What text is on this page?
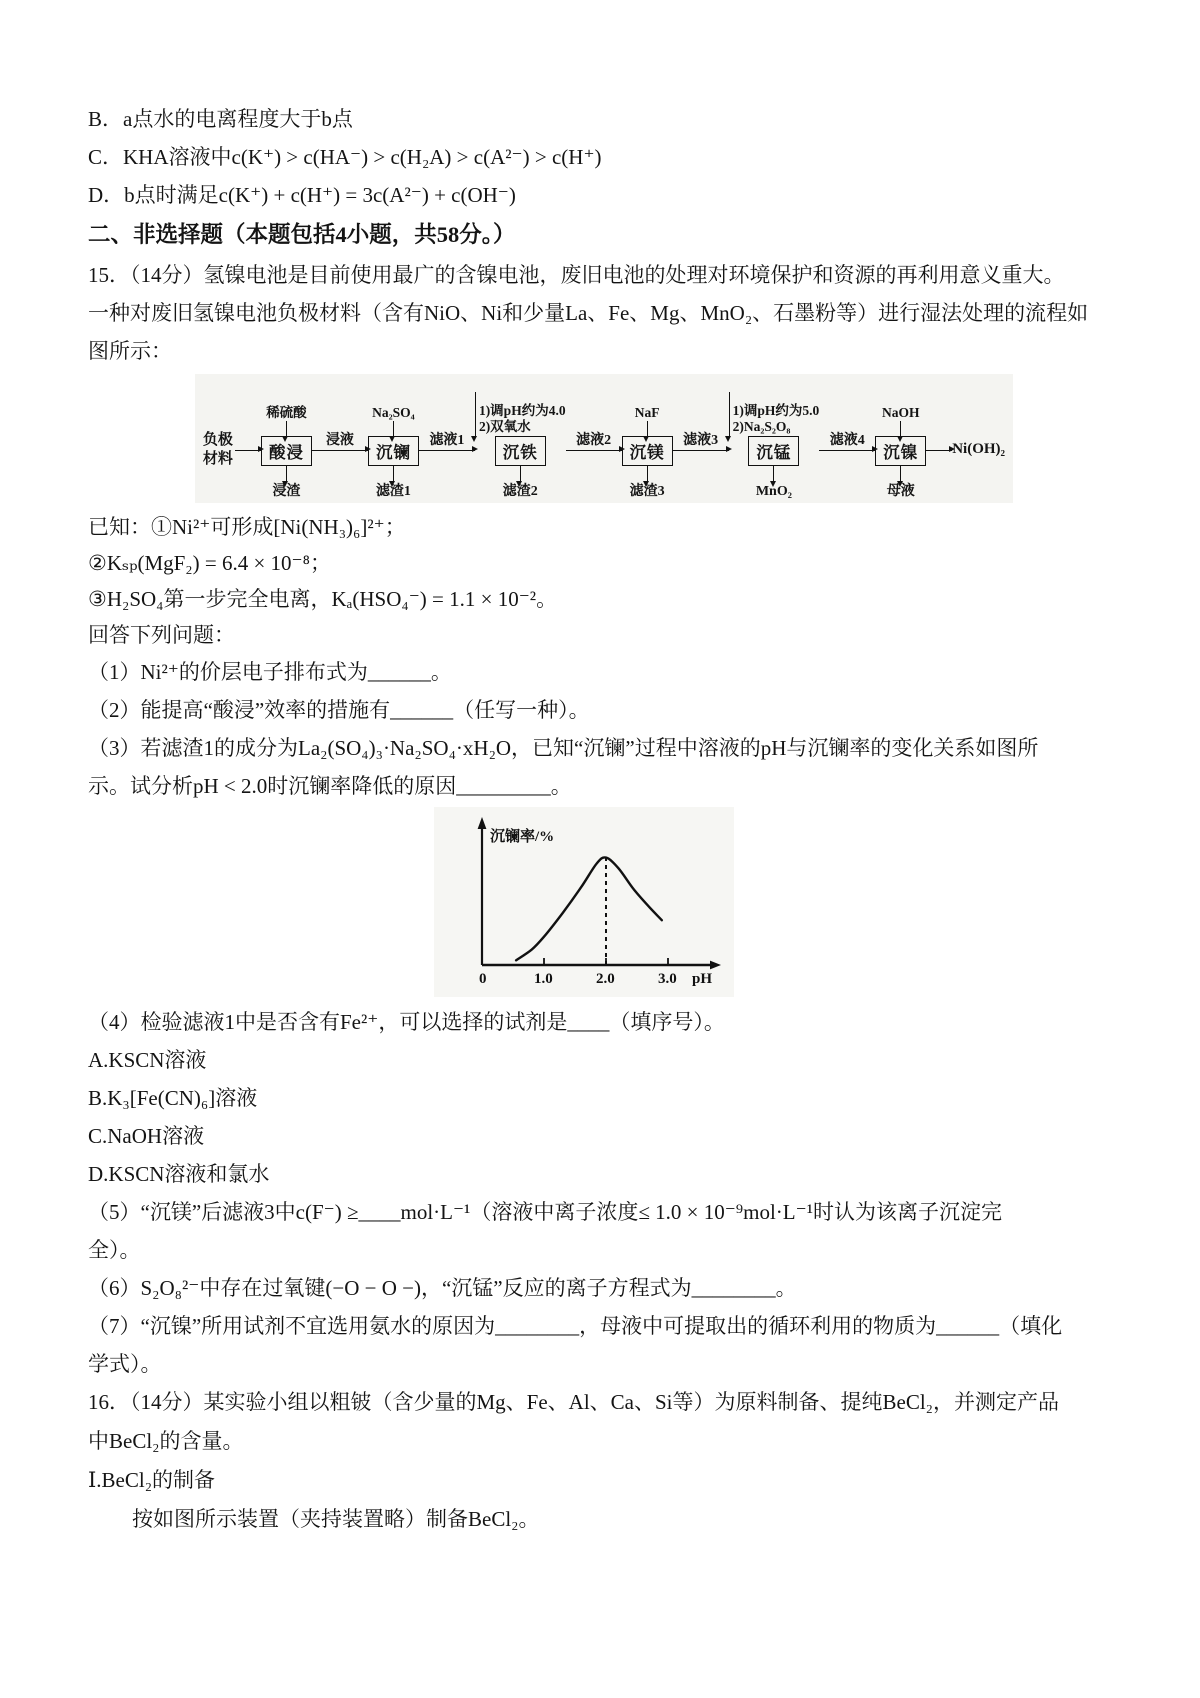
B．a点水的电离程度大于b点

C．KHA溶液中c(K⁺) > c(HA⁻) > c(H₂A) > c(A²⁻) > c(H⁺)

D．b点时满足c(K⁺) + c(H⁺) = 3c(A²⁻) + c(OH⁻)

二、非选择题（本题包括4小题，共58分。）

15．（14分）氢镍电池是目前使用最广的含镍电池，废旧电池的处理对环境保护和资源的再利用意义重大。

一种对废旧氢镍电池负极材料（含有NiO、Ni和少量La、Fe、Mg、MnO₂、石墨粉等）进行湿法处理的流程如

图所示：

负极材料
稀硫酸
酸浸
浸渣
浸液
Na₂SO₄
沉镧
滤渣1
滤液1
1)调pH约为4.0
2)双氧水
沉铁
滤渣2
滤液2
NaF
沉镁
滤渣3
滤液3
1)调pH约为5.0
2)Na₂S₂O₈
沉锰
MnO₂
滤液4
NaOH
沉镍
母液
Ni(OH)₂

已知：①Ni²⁺可形成[Ni(NH₃)₆]²⁺；

②Kₛₚ(MgF₂) = 6.4 × 10⁻⁸；

③H₂SO₄第一步完全电离，Kₐ(HSO₄⁻) = 1.1 × 10⁻²。

回答下列问题：

（1）Ni²⁺的价层电子排布式为______。

（2）能提高“酸浸”效率的措施有______（任写一种）。

（3）若滤渣1的成分为La₂(SO₄)₃·Na₂SO₄·xH₂O，已知“沉镧”过程中溶液的pH与沉镧率的变化关系如图所

示。试分析pH < 2.0时沉镧率降低的原因_________。

0	1.0	2.0	3.0 pH
沉镧率/%

（4）检验滤液1中是否含有Fe²⁺，可以选择的试剂是____（填序号）。

A.KSCN溶液

B.K₃[Fe(CN)₆]溶液

C.NaOH溶液

D.KSCN溶液和氯水

（5）“沉镁”后滤液3中c(F⁻) ≥____mol·L⁻¹（溶液中离子浓度≤ 1.0 × 10⁻⁹mol·L⁻¹时认为该离子沉淀完

全）。

（6）S₂O₈²⁻中存在过氧键(−O − O −)，“沉锰”反应的离子方程式为________。

（7）“沉镍”所用试剂不宜选用氨水的原因为________，母液中可提取出的循环利用的物质为______（填化

学式）。

16．（14分）某实验小组以粗铍（含少量的Mg、Fe、Al、Ca、Si等）为原料制备、提纯BeCl₂，并测定产品

中BeCl₂的含量。

Ⅰ.BeCl₂的制备

按如图所示装置（夹持装置略）制备BeCl₂。
